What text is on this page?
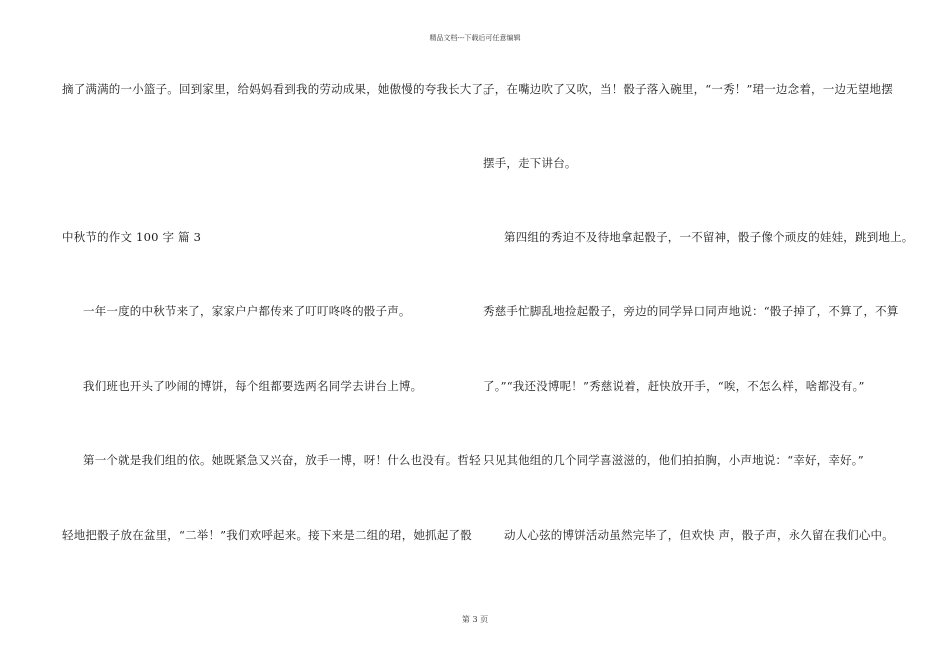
精品文档---下载后可任意编辑
摘了满满的一小篮子。回到家里，给妈妈看到我的劳动成果，她傲慢的夸我长大了。
中秋节的作文 100 字 篇 3
一年一度的中秋节来了，家家户户都传来了叮叮咚咚的骰子声。
我们班也开头了吵闹的博饼，每个组都要选两名同学去讲台上博。
第一个就是我们组的依。她既紧急又兴奋，放手一博，呀！什么也没有。哲轻
轻地把骰子放在盆里，“二举！”我们欢呼起来。接下来是二组的珺，她抓起了骰
子，在嘴边吹了又吹，当！骰子落入碗里，“一秀！”珺一边念着，一边无望地摆
摆手，走下讲台。
第四组的秀迫不及待地拿起骰子，一不留神，骰子像个顽皮的娃娃，跳到地上。
秀慈手忙脚乱地捡起骰子，旁边的同学异口同声地说：“骰子掉了，不算了，不算
了。”“我还没博呢！”秀慈说着，赶快放开手，“唉，不怎么样，啥都没有。”
只见其他组的几个同学喜滋滋的，他们拍拍胸，小声地说：“幸好，幸好。”
动人心弦的博饼活动虽然完毕了，但欢快 声，骰子声，永久留在我们心中。
第 3 页
